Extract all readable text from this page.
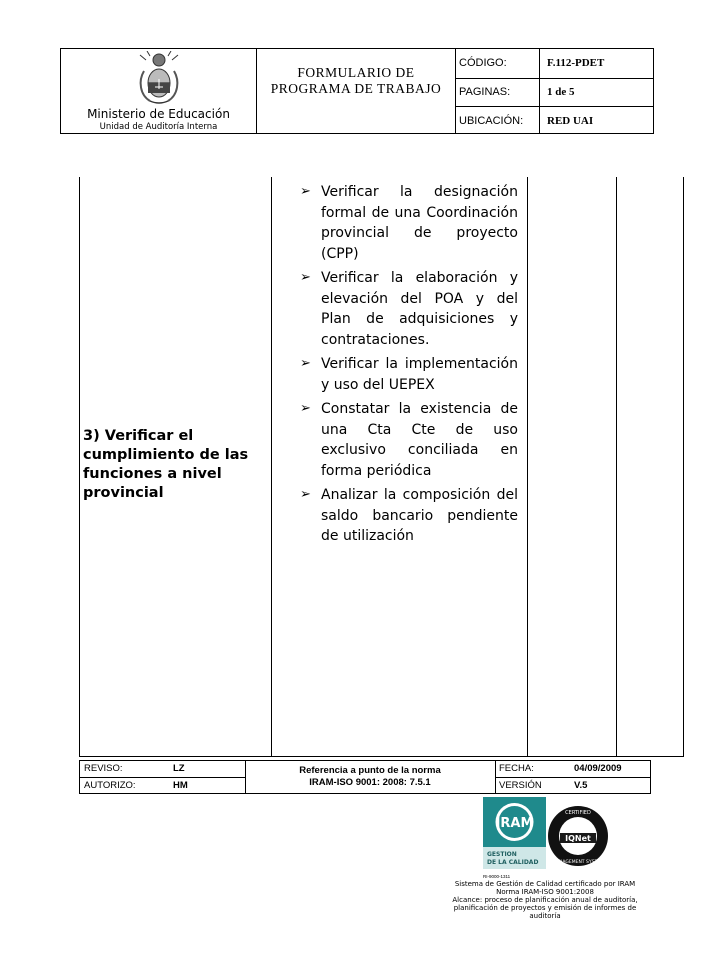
Ministerio de Educación
Unidad de Auditoría Interna
FORMULARIO DE PROGRAMA DE TRABAJO
CÓDIGO:	F.112-PDET
PAGINAS:	1 de 5
UBICACIÓN: RED UAI
3) Verificar el cumplimiento de las funciones a nivel provincial
➢ Verificar la designación formal de una Coordinación provincial de proyecto (CPP)
➢ Verificar la elaboración y elevación del POA y del Plan de adquisiciones y contrataciones.
➢ Verificar la implementación y uso del UEPEX
➢ Constatar la existencia de una Cta Cte de uso exclusivo conciliada en forma periódica
➢ Analizar la composición del saldo bancario pendiente de utilización
REVISO:	LZ
AUTORIZO:	HM
Referencia a punto de la norma
IRAM-ISO 9001: 2008: 7.5.1
FECHA:	04/09/2009
VERSIÓN	V.5
IRAM
GESTION
DE LA CALIDAD
RI-9000-1311
CERTIFIED
MANAGEMENT SYSTEM
IQNet
Sistema de Gestión de Calidad certificado por IRAM
Norma IRAM-ISO 9001:2008
Alcance: proceso de planificación anual de auditoría,
planificación de proyectos y emisión de informes de auditoría
